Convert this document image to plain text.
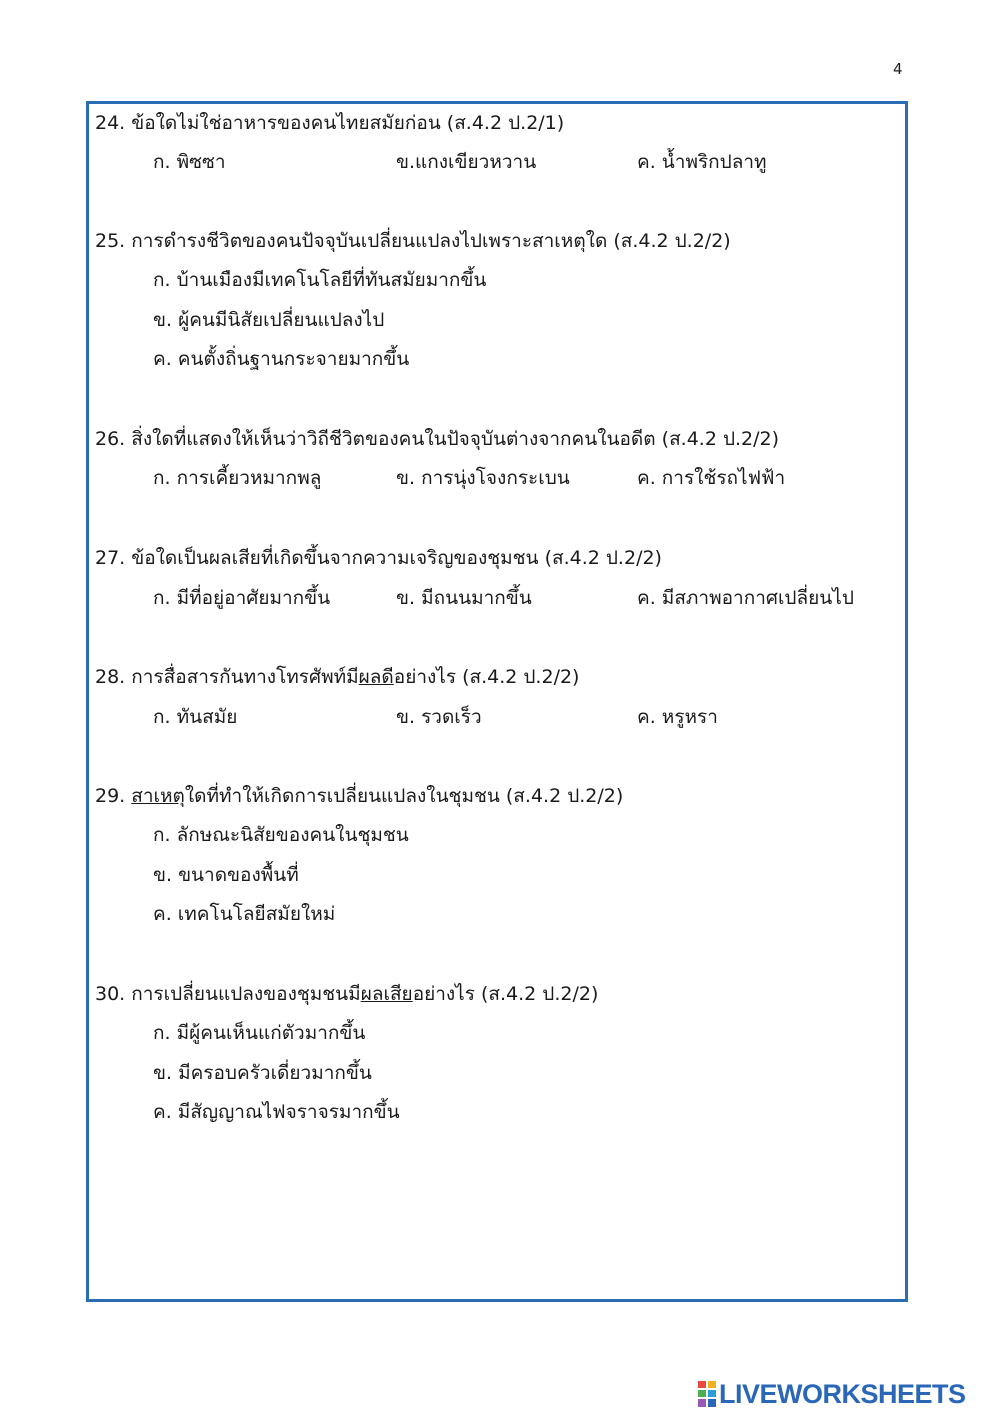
4
24. ข้อใดไม่ใช่อาหารของคนไทยสมัยก่อน (ส.4.2 ป.2/1)
ก. พิซซา	ข.แกงเขียวหวาน	ค. น้ำพริกปลาทู
25. การดำรงชีวิตของคนปัจจุบันเปลี่ยนแปลงไปเพราะสาเหตุใด (ส.4.2 ป.2/2)
ก. บ้านเมืองมีเทคโนโลยีที่ทันสมัยมากขึ้น
ข. ผู้คนมีนิสัยเปลี่ยนแปลงไป
ค. คนตั้งถิ่นฐานกระจายมากขึ้น
26. สิ่งใดที่แสดงให้เห็นว่าวิถีชีวิตของคนในปัจจุบันต่างจากคนในอดีต (ส.4.2 ป.2/2)
ก. การเคี้ยวหมากพลู	ข. การนุ่งโจงกระเบน	ค. การใช้รถไฟฟ้า
27. ข้อใดเป็นผลเสียที่เกิดขึ้นจากความเจริญของชุมชน (ส.4.2 ป.2/2)
ก. มีที่อยู่อาศัยมากขึ้น	ข. มีถนนมากขึ้น	ค. มีสภาพอากาศเปลี่ยนไป
28. การสื่อสารกันทางโทรศัพท์มีผลดีอย่างไร (ส.4.2 ป.2/2)
ก. ทันสมัย	ข. รวดเร็ว	ค. หรูหรา
29. สาเหตุใดที่ทำให้เกิดการเปลี่ยนแปลงในชุมชน (ส.4.2 ป.2/2)
ก. ลักษณะนิสัยของคนในชุมชน
ข. ขนาดของพื้นที่
ค. เทคโนโลยีสมัยใหม่
30. การเปลี่ยนแปลงของชุมชนมีผลเสียอย่างไร (ส.4.2 ป.2/2)
ก. มีผู้คนเห็นแก่ตัวมากขึ้น
ข. มีครอบครัวเดี่ยวมากขึ้น
ค. มีสัญญาณไฟจราจรมากขึ้น
LIVEWORKSHEETS
